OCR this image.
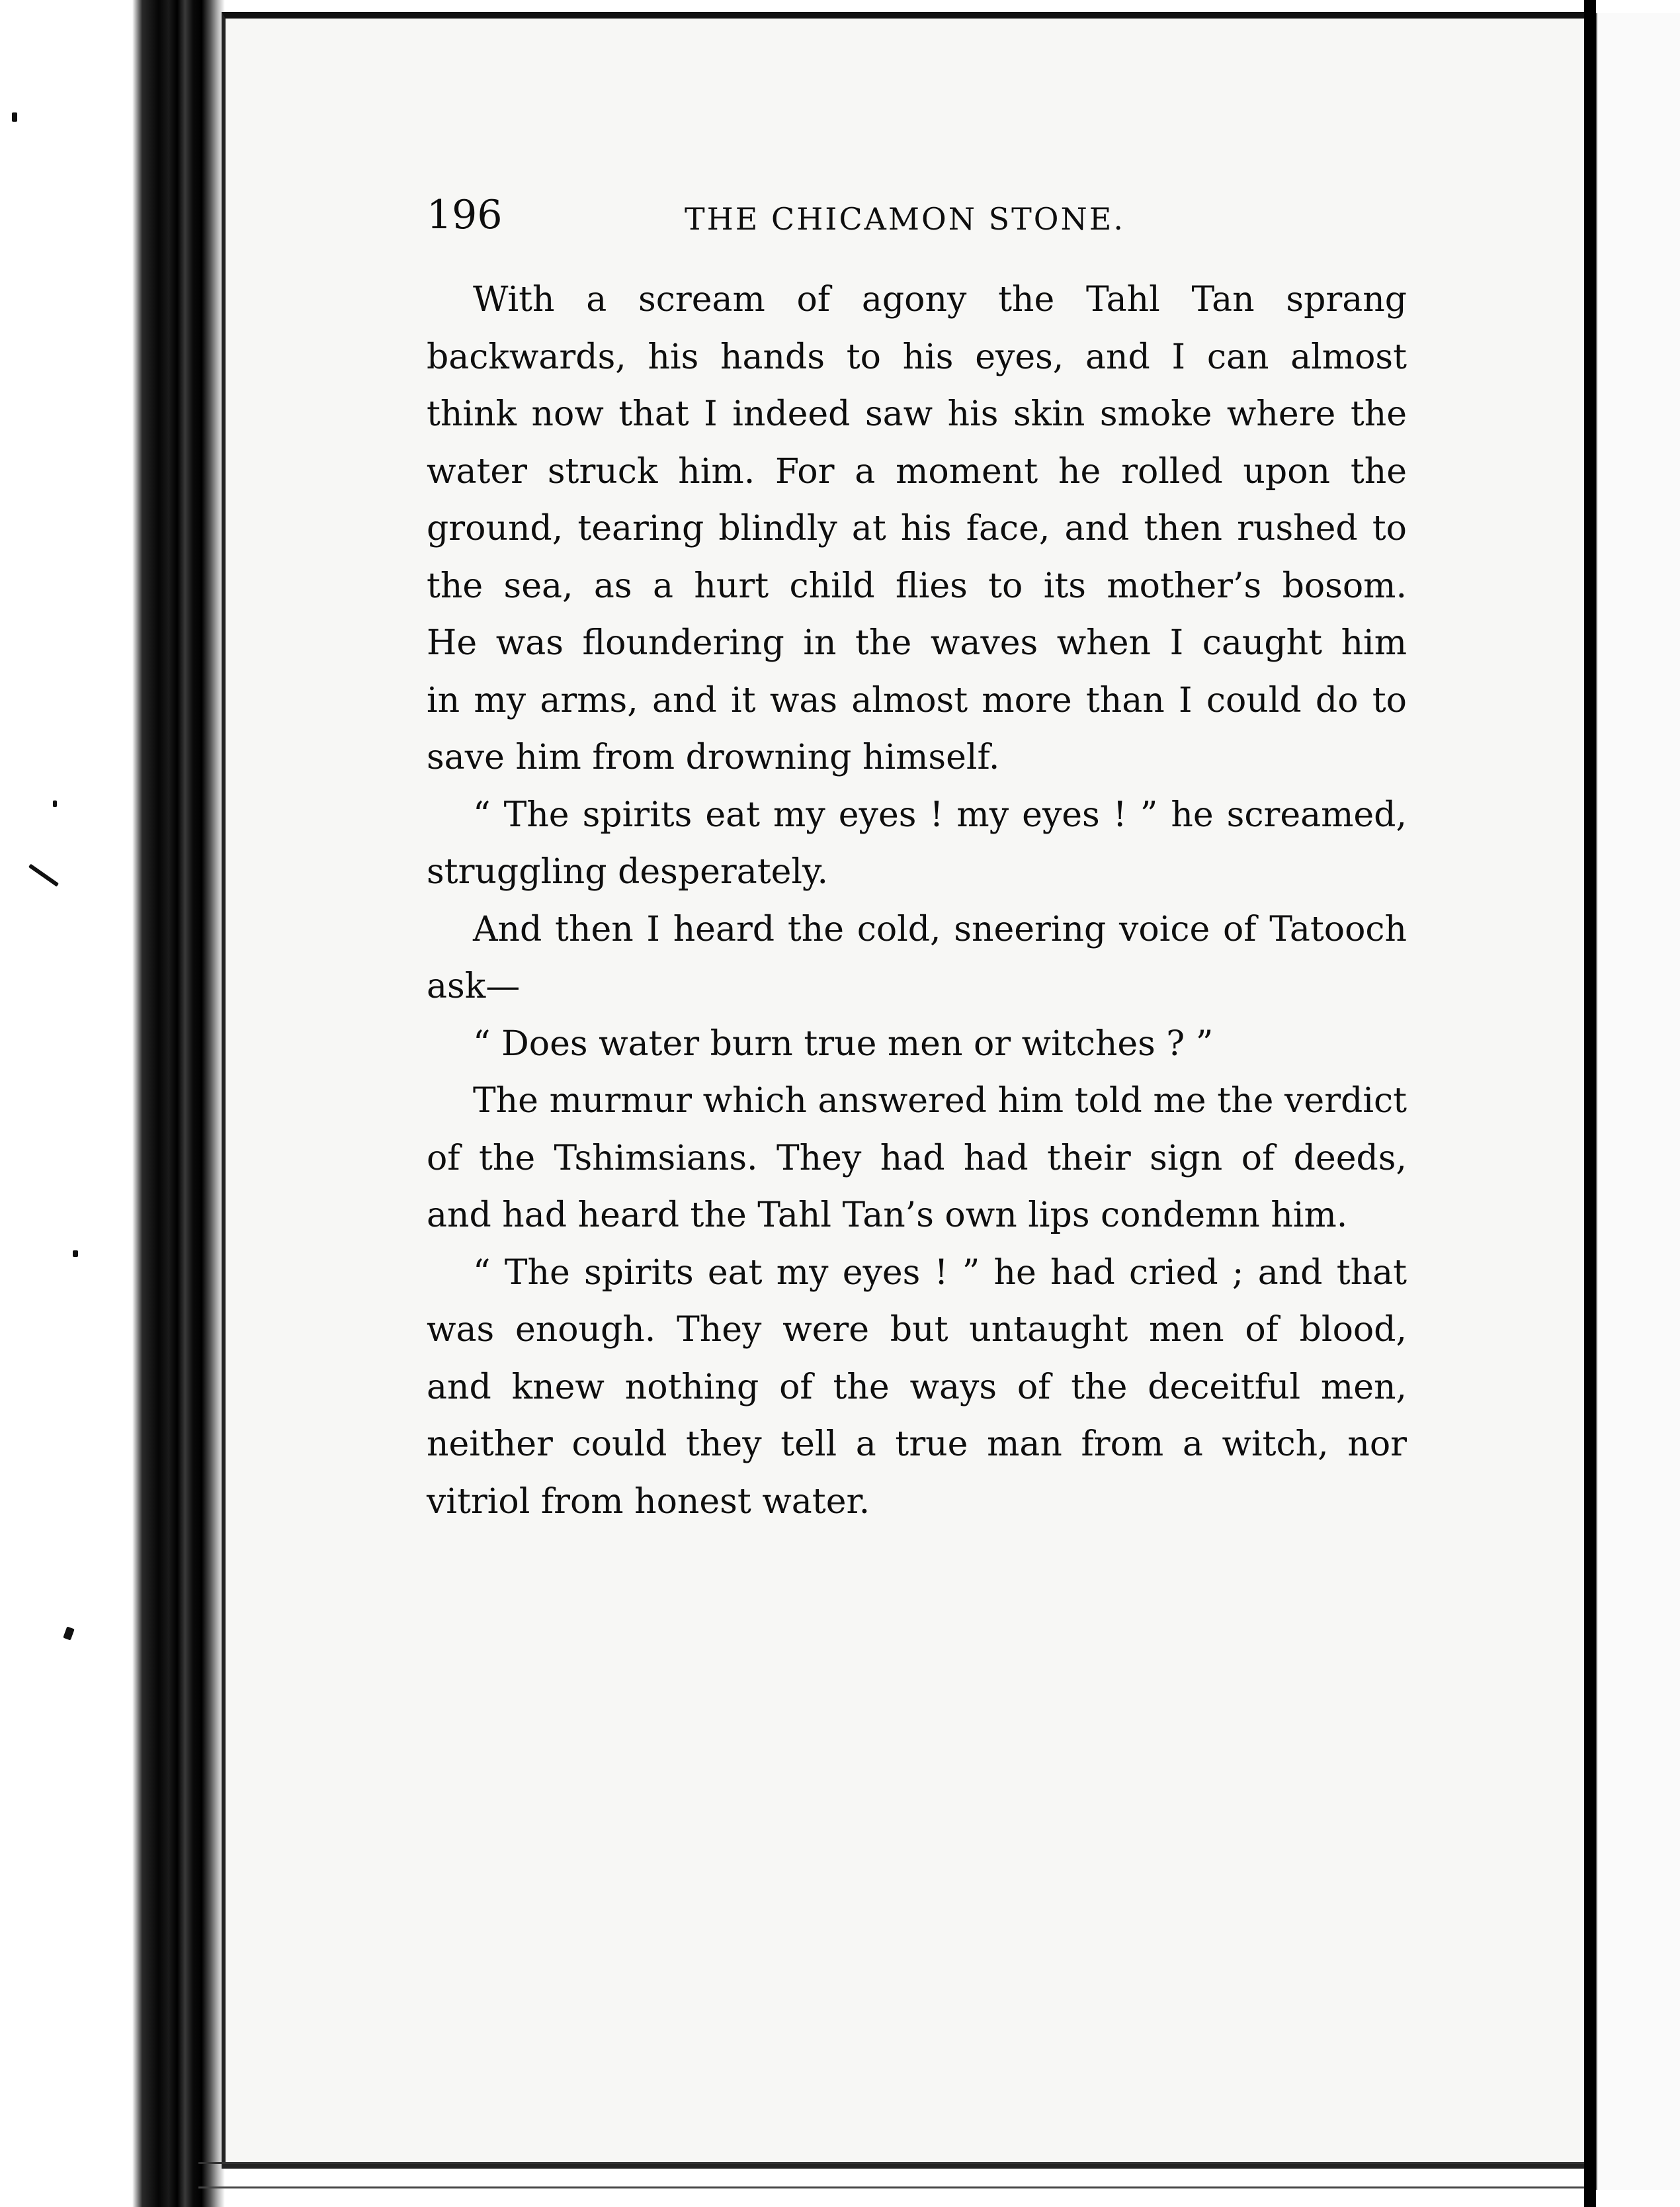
196	THE CHICAMON STONE.
With a scream of agony the Tahl Tan sprang
backwards, his hands to his eyes, and I can almost
think now that I indeed saw his skin smoke where the
water struck him. For a moment he rolled upon the
ground, tearing blindly at his face, and then rushed to
the sea, as a hurt child flies to its mother’s bosom.
He was floundering in the waves when I caught him
in my arms, and it was almost more than I could do to
save him from drowning himself.
“ The spirits eat my eyes ! my eyes ! ” he screamed,
struggling desperately.
And then I heard the cold, sneering voice of Tatooch
ask—
“ Does water burn true men or witches ? ”
The murmur which answered him told me the verdict
of the Tshimsians. They had had their sign of deeds,
and had heard the Tahl Tan’s own lips condemn him.
“ The spirits eat my eyes ! ” he had cried ; and that
was enough. They were but untaught men of blood,
and knew nothing of the ways of the deceitful men,
neither could they tell a true man from a witch, nor
vitriol from honest water.
